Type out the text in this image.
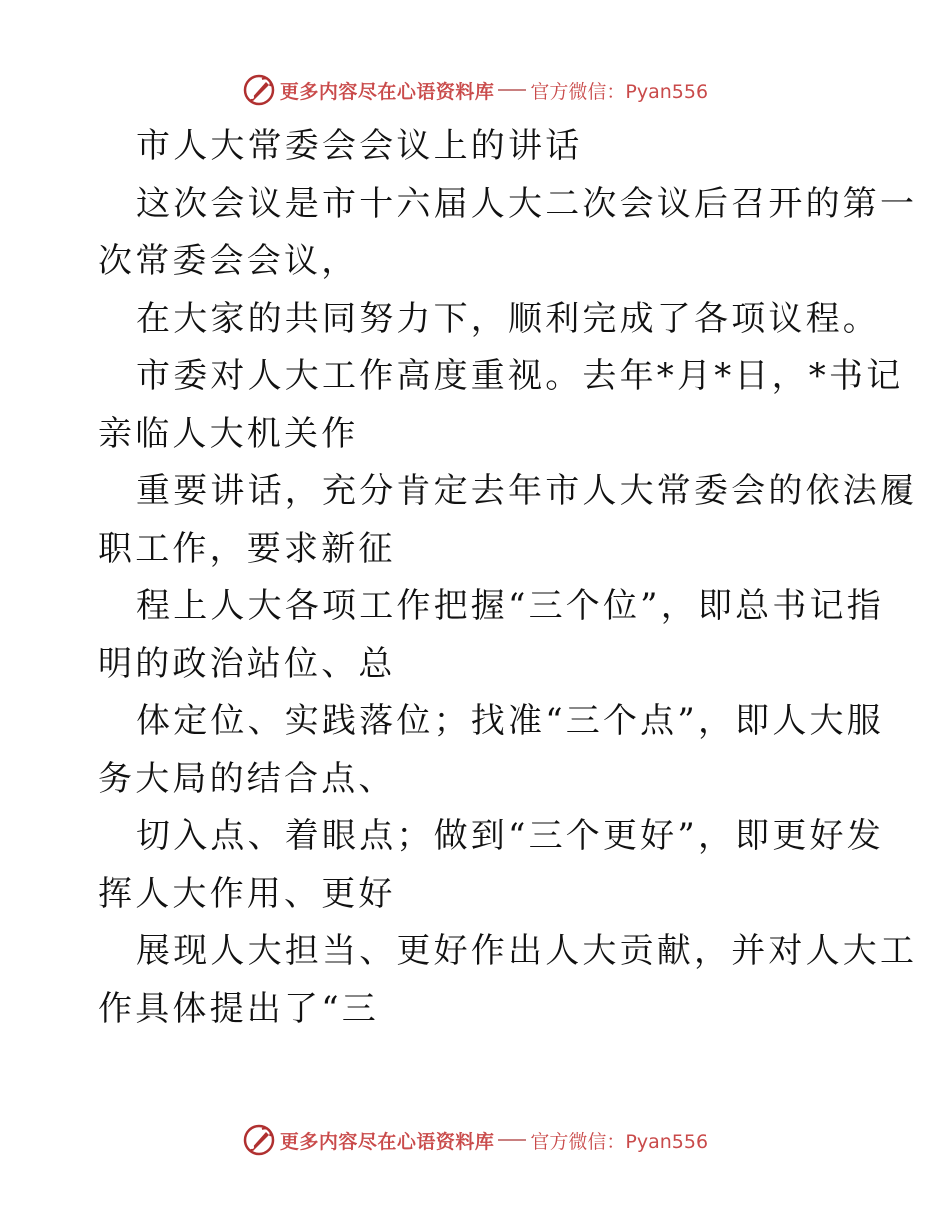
更多内容尽在心语资料库 官方微信：Pyan556
市人大常委会会议上的讲话
这次会议是市十六届人大二次会议后召开的第一
次常委会会议，
在大家的共同努力下，顺利完成了各项议程。
市委对人大工作高度重视。去年*月*日，*书记
亲临人大机关作
重要讲话，充分肯定去年市人大常委会的依法履
职工作，要求新征
程上人大各项工作把握“三个位”，即总书记指
明的政治站位、总
体定位、实践落位；找准“三个点”，即人大服
务大局的结合点、
切入点、着眼点；做到“三个更好”，即更好发
挥人大作用、更好
展现人大担当、更好作出人大贡献，并对人大工
作具体提出了“三
更多内容尽在心语资料库 官方微信：Pyan556
